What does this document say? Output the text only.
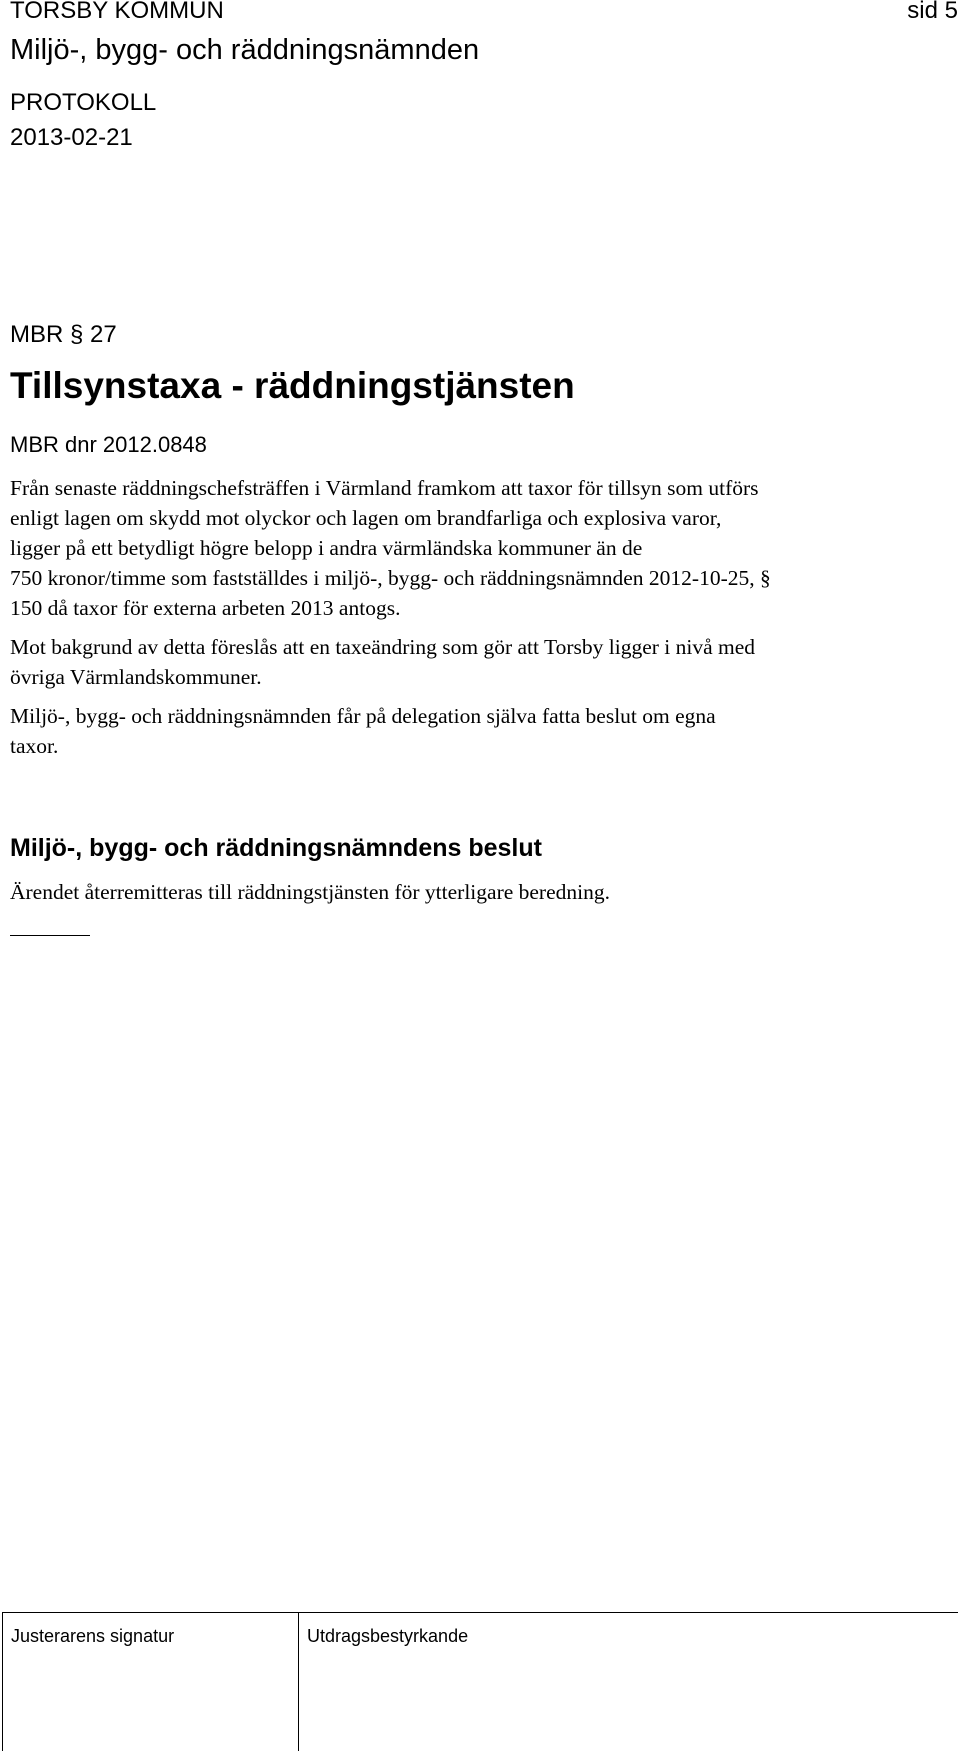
TORSBY KOMMUN	sid 5
Miljö-, bygg- och räddningsnämnden
PROTOKOLL
2013-02-21
MBR § 27
Tillsynstaxa - räddningstjänsten
MBR dnr 2012.0848
Från senaste räddningschefsträffen i Värmland framkom att taxor för tillsyn som utförs
enligt lagen om skydd mot olyckor och lagen om brandfarliga och explosiva varor,
ligger på ett betydligt högre belopp i andra värmländska kommuner än de
750 kronor/timme som fastställdes i miljö-, bygg- och räddningsnämnden 2012-10-25, §
150 då taxor för externa arbeten 2013 antogs.
Mot bakgrund av detta föreslås att en taxeändring som gör att Torsby ligger i nivå med
övriga Värmlandskommuner.
Miljö-, bygg- och räddningsnämnden får på delegation själva fatta beslut om egna
taxor.
Miljö-, bygg- och räddningsnämndens beslut
Ärendet återremitteras till räddningstjänsten för ytterligare beredning.
Justerarens signatur	Utdragsbestyrkande
